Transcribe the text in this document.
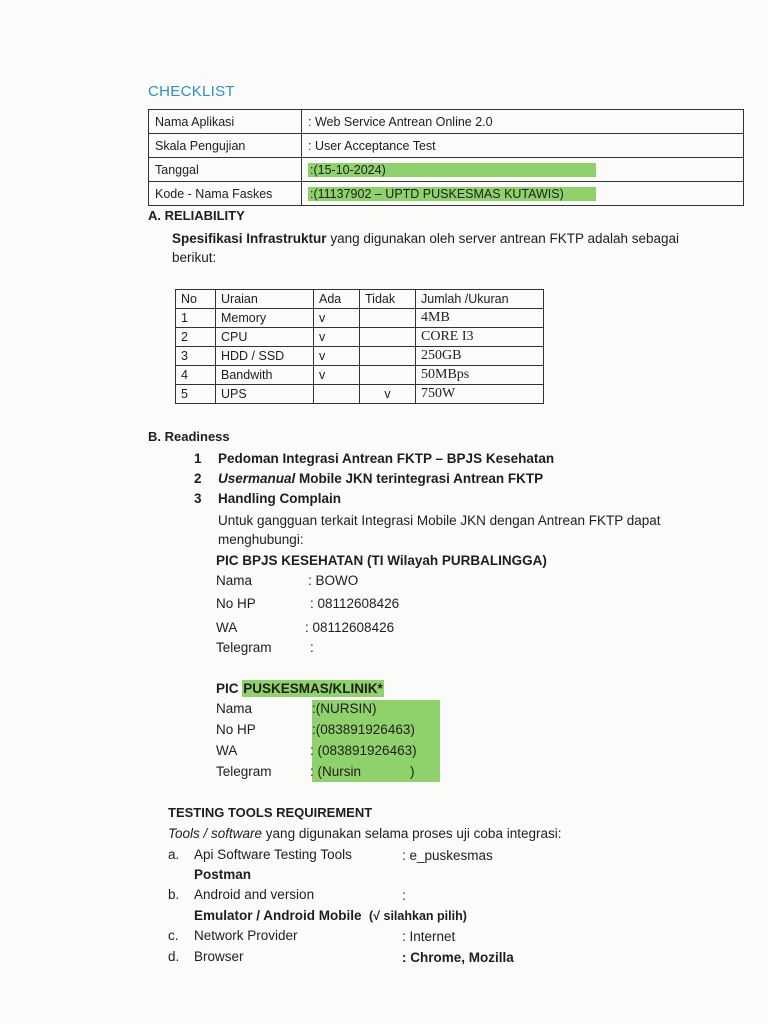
CHECKLIST
Nama Aplikasi	: Web Service Antrean Online 2.0
Skala Pengujian	: User Acceptance Test
Tanggal	:(15-10-2024)
Kode - Nama Faskes	:(11137902 – UPTD PUSKESMAS KUTAWIS)
A. RELIABILITY
Spesifikasi Infrastruktur yang digunakan oleh server antrean FKTP adalah sebagai
berikut:
No	Uraian	Ada	Tidak	Jumlah /Ukuran
1	Memory	v		4MB
2	CPU	v		CORE I3
3	HDD / SSD	v		250GB
4	Bandwith	v		50MBps
5	UPS		v	750W
B. Readiness
1 Pedoman Integrasi Antrean FKTP – BPJS Kesehatan
2 Usermanual Mobile JKN terintegrasi Antrean FKTP
3 Handling Complain
Untuk gangguan terkait Integrasi Mobile JKN dengan Antrean FKTP dapat
menghubungi:
PIC BPJS KESEHATAN (TI Wilayah PURBALINGGA)
Nama	: BOWO
No HP	: 08112608426
WA	: 08112608426
Telegram	:
PIC PUSKESMAS/KLINIK*
Nama	:(NURSIN)
No HP	:(083891926463)
WA	: (083891926463)
Telegram	: (Nursin	)
TESTING TOOLS REQUIREMENT
Tools / software yang digunakan selama proses uji coba integrasi:
a. Api Software Testing Tools	: e_puskesmas
Postman
b. Android and version	:
Emulator / Android Mobile (√ silahkan pilih)
c. Network Provider	: Internet
d. Browser	: Chrome, Mozilla
